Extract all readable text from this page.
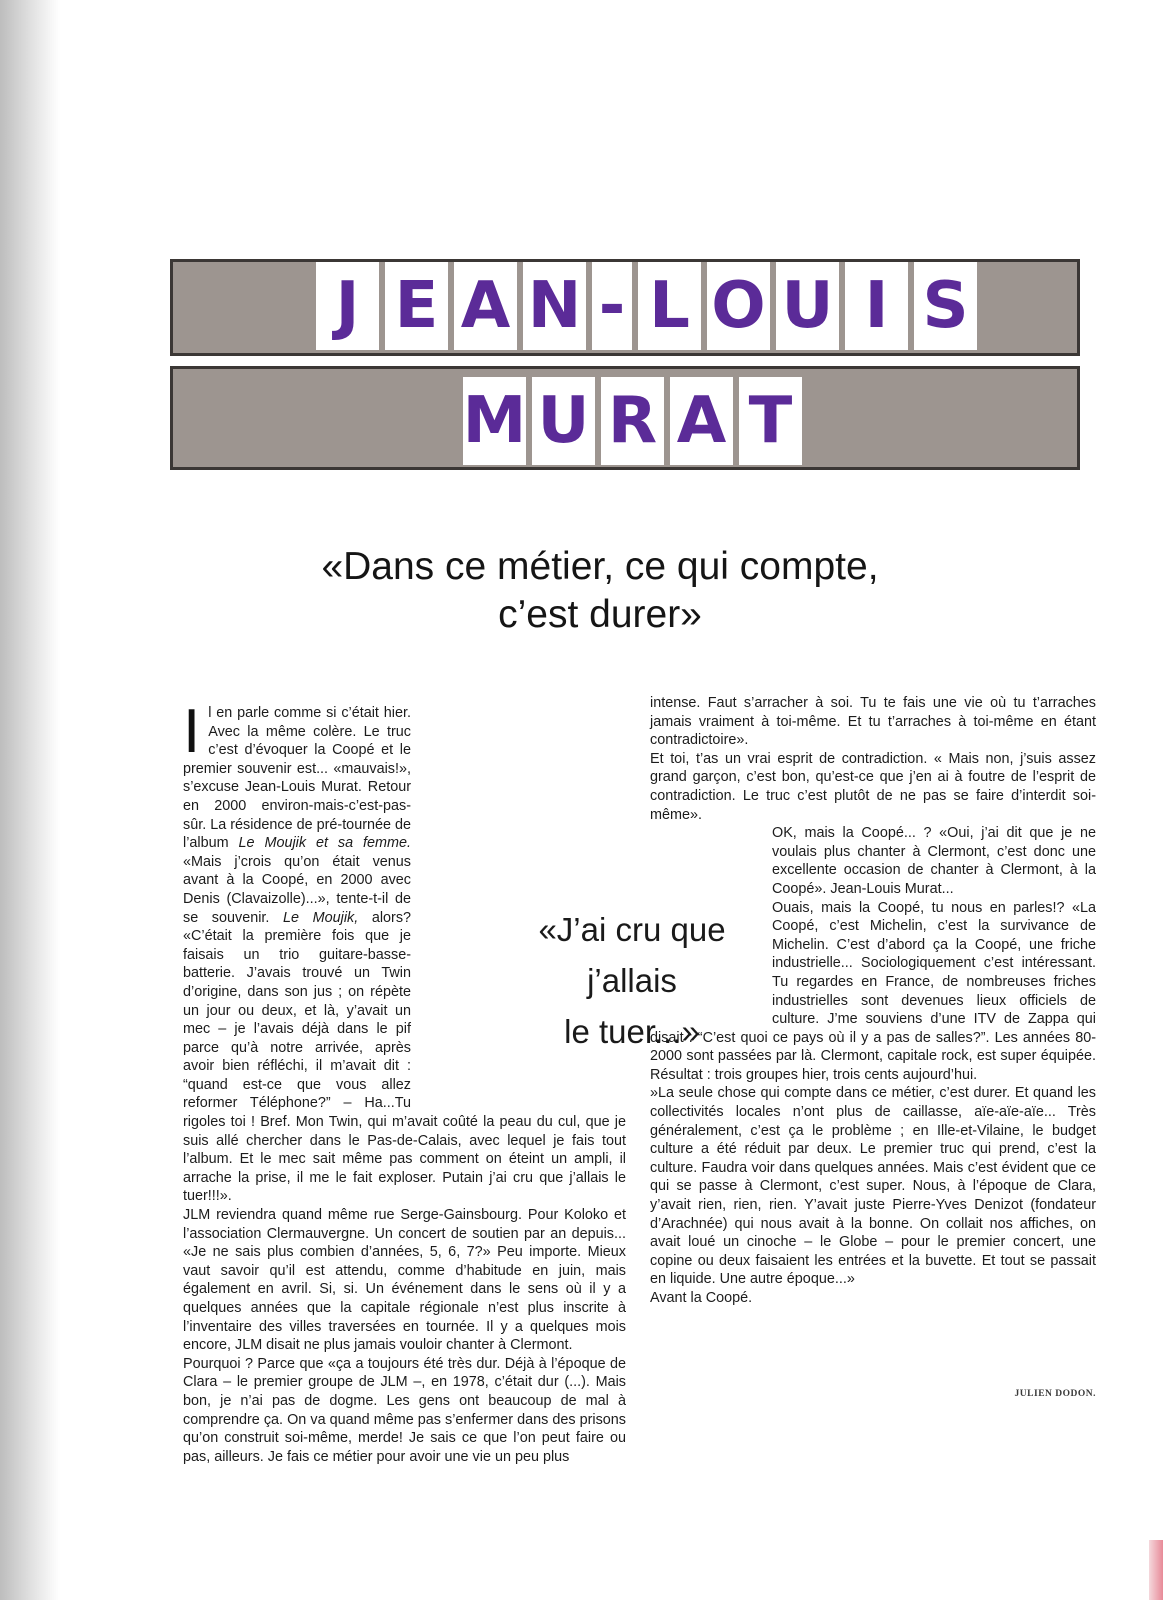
J E A N - L O U I S
M U R A T
«Dans ce métier, ce qui compte,
c’est durer»

Il en parle comme si c’était hier. Avec la même colère. Le truc c’est d’évoquer la Coopé et le premier souvenir est... «mauvais!», s’excuse Jean-Louis Murat. Retour en 2000 environ-mais-c’est-pas-sûr. La résidence de pré-tournée de l’album Le Moujik et sa femme. «Mais j’crois qu’on était venus avant à la Coopé, en 2000 avec Denis (Clavaizolle)...», tente-t-il de se souvenir. Le Moujik, alors? «C’était la première fois que je faisais un trio guitare-basse-batterie. J’avais trouvé un Twin d’origine, dans son jus ; on répète un jour ou deux, et là, y’avait un mec – je l’avais déjà dans le pif parce qu’à notre arrivée, après avoir bien réfléchi, il m’avait dit : “quand est-ce que vous allez reformer Téléphone?” – Ha...Tu rigoles toi ! Bref. Mon Twin, qui m’avait coûté la peau du cul, que je suis allé chercher dans le Pas-de-Calais, avec lequel je fais tout l’album. Et le mec sait même pas comment on éteint un ampli, il arrache la prise, il me le fait exploser. Putain j’ai cru que j’allais le tuer!!!».

JLM reviendra quand même rue Serge-Gainsbourg. Pour Koloko et l’association Clermauvergne. Un concert de soutien par an depuis... «Je ne sais plus combien d’années, 5, 6, 7?» Peu importe. Mieux vaut savoir qu’il est attendu, comme d’habitude en juin, mais également en avril. Si, si. Un événement dans le sens où il y a quelques années que la capitale régionale n’est plus inscrite à l’inventaire des villes traversées en tournée. Il y a quelques mois encore, JLM disait ne plus jamais vouloir chanter à Clermont.

Pourquoi ? Parce que «ça a toujours été très dur. Déjà à l’époque de Clara – le premier groupe de JLM –, en 1978, c’était dur (...). Mais bon, je n’ai pas de dogme. Les gens ont beaucoup de mal à comprendre ça. On va quand même pas s’enfermer dans des prisons qu’on construit soi-même, merde! Je sais ce que l’on peut faire ou pas, ailleurs. Je fais ce métier pour avoir une vie un peu plus

intense. Faut s’arracher à soi. Tu te fais une vie où tu t’arraches jamais vraiment à toi-même. Et tu t’arraches à toi-même en étant contradictoire».

Et toi, t’as un vrai esprit de contradiction. « Mais non, j’suis assez grand garçon, c’est bon, qu’est-ce que j’en ai à foutre de l’esprit de contradiction. Le truc c’est plutôt de ne pas se faire d’interdit soi-même».

OK, mais la Coopé... ? «Oui, j’ai dit que je ne voulais plus chanter à Clermont, c’est donc une excellente occasion de chanter à Clermont, à la Coopé». Jean-Louis Murat...

Ouais, mais la Coopé, tu nous en parles!? «La Coopé, c’est Michelin, c’est la survivance de Michelin. C’est d’abord ça la Coopé, une friche industrielle... Sociologiquement c’est intéressant. Tu regardes en France, de nombreuses friches industrielles sont devenues lieux officiels de culture. J’me souviens d’une ITV de Zappa qui disait : “C’est quoi ce pays où il y a pas de salles?”. Les années 80-2000 sont passées par là. Clermont, capitale rock, est super équipée. Résultat : trois groupes hier, trois cents aujourd’hui.

»La seule chose qui compte dans ce métier, c’est durer. Et quand les collectivités locales n’ont plus de caillasse, aïe-aïe-aïe... Très généralement, c’est ça le problème ; en Ille-et-Vilaine, le budget culture a été réduit par deux. Le premier truc qui prend, c’est la culture. Faudra voir dans quelques années. Mais c’est évident que ce qui se passe à Clermont, c’est super. Nous, à l’époque de Clara, y’avait rien, rien, rien. Y’avait juste Pierre-Yves Denizot (fondateur d’Arachnée) qui nous avait à la bonne. On collait nos affiches, on avait loué un cinoche – le Globe – pour le premier concert, une copine ou deux faisaient les entrées et la buvette. Et tout se passait en liquide. Une autre époque...»

Avant la Coopé.

«J’ai cru que
j’allais
le tuer...»
JULIEN DODON.
